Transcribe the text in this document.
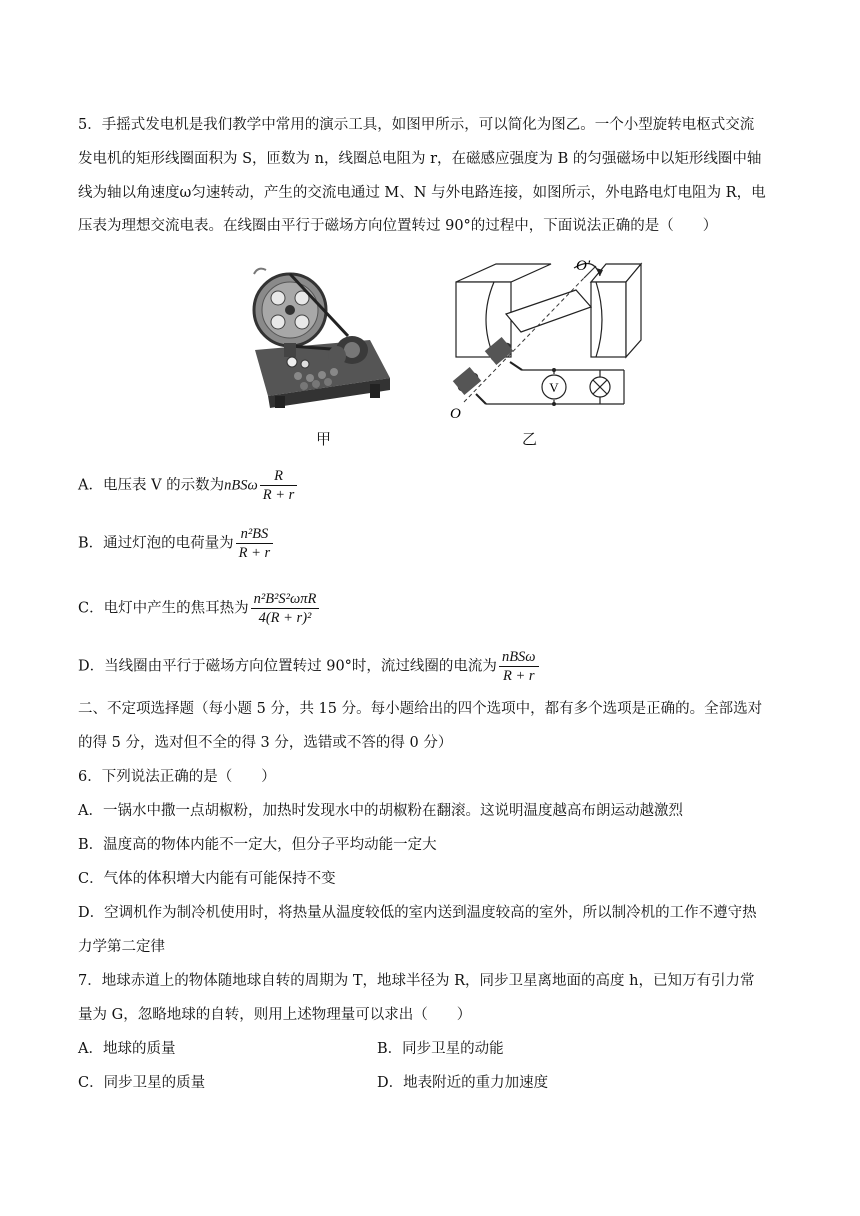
5．手摇式发电机是我们教学中常用的演示工具，如图甲所示，可以简化为图乙。一个小型旋转电枢式交流
发电机的矩形线圈面积为 S，匝数为 n，线圈总电阻为 r，在磁感应强度为 B 的匀强磁场中以矩形线圈中轴
线为轴以角速度ω匀速转动，产生的交流电通过 M、N 与外电路连接，如图所示，外电路电灯电阻为 R，电
压表为理想交流电表。在线圈由平行于磁场方向位置转过 90°的过程中，下面说法正确的是（　　）
甲
V
O′
O
乙
A．电压表 V 的示数为nBSω $\frac{R}{R + r}$
B．通过灯泡的电荷量为 $\frac{\text{n²BS}}{R + r}$
C．电灯中产生的焦耳热为 $\frac{\text{n²B²S²ωπR}}{\text{4(R + r)²}}$
D．当线圈由平行于磁场方向位置转过 90°时，流过线圈的电流为 $\frac{\text{nBSω}}{R + r}$
二、不定项选择题（每小题 5 分，共 15 分。每小题给出的四个选项中，都有多个选项是正确的。全部选对
的得 5 分，选对但不全的得 3 分，选错或不答的得 0 分）
6．下列说法正确的是（　　）
A．一锅水中撒一点胡椒粉，加热时发现水中的胡椒粉在翻滚。这说明温度越高布朗运动越激烈
B．温度高的物体内能不一定大，但分子平均动能一定大
C．气体的体积增大内能有可能保持不变
D．空调机作为制冷机使用时，将热量从温度较低的室内送到温度较高的室外，所以制冷机的工作不遵守热
力学第二定律
7．地球赤道上的物体随地球自转的周期为 T，地球半径为 R，同步卫星离地面的高度 h，已知万有引力常
量为 G，忽略地球的自转，则用上述物理量可以求出（　　）
A．地球的质量	B．同步卫星的动能
C．同步卫星的质量	D．地表附近的重力加速度
